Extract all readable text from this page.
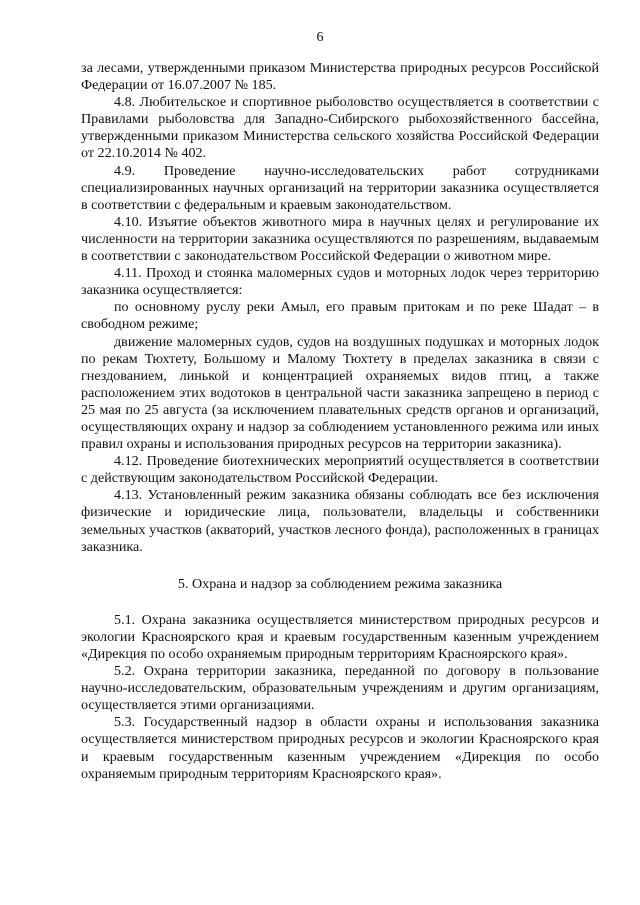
6

за лесами, утвержденными приказом Министерства природных ресурсов Российской Федерации от 16.07.2007 № 185.

4.8. Любительское и спортивное рыболовство осуществляется в соответствии с Правилами рыболовства для Западно-Сибирского рыбохозяйственного бассейна, утвержденными приказом Министерства сельского хозяйства Российской Федерации от 22.10.2014 № 402.

4.9. Проведение научно-исследовательских работ сотрудниками специализированных научных организаций на территории заказника осуществляется в соответствии с федеральным и краевым законодательством.

4.10. Изъятие объектов животного мира в научных целях и регулирование их численности на территории заказника осуществляются по разрешениям, выдаваемым в соответствии с законодательством Российской Федерации о животном мире.

4.11. Проход и стоянка маломерных судов и моторных лодок через территорию заказника осуществляется:

по основному руслу реки Амыл, его правым притокам и по реке Шадат – в свободном режиме;

движение маломерных судов, судов на воздушных подушках и моторных лодок по рекам Тюхтету, Большому и Малому Тюхтету в пределах заказника в связи с гнездованием, линькой и концентрацией охраняемых видов птиц, а также расположением этих водотоков в центральной части заказника запрещено в период с 25 мая по 25 августа (за исключением плавательных средств органов и организаций, осуществляющих охрану и надзор за соблюдением установленного режима или иных правил охраны и использования природных ресурсов на территории заказника).

4.12. Проведение биотехнических мероприятий осуществляется в соответствии с действующим законодательством Российской Федерации.

4.13. Установленный режим заказника обязаны соблюдать все без исключения физические и юридические лица, пользователи, владельцы и собственники земельных участков (акваторий, участков лесного фонда), расположенных в границах заказника.

5. Охрана и надзор за соблюдением режима заказника

5.1. Охрана заказника осуществляется министерством природных ресурсов и экологии Красноярского края и краевым государственным казенным учреждением «Дирекция по особо охраняемым природным территориям Красноярского края».

5.2. Охрана территории заказника, переданной по договору в пользование научно-исследовательским, образовательным учреждениям и другим организациям, осуществляется этими организациями.

5.3. Государственный надзор в области охраны и использования заказника осуществляется министерством природных ресурсов и экологии Красноярского края и краевым государственным казенным учреждением «Дирекция по особо охраняемым природным территориям Красноярского края».
